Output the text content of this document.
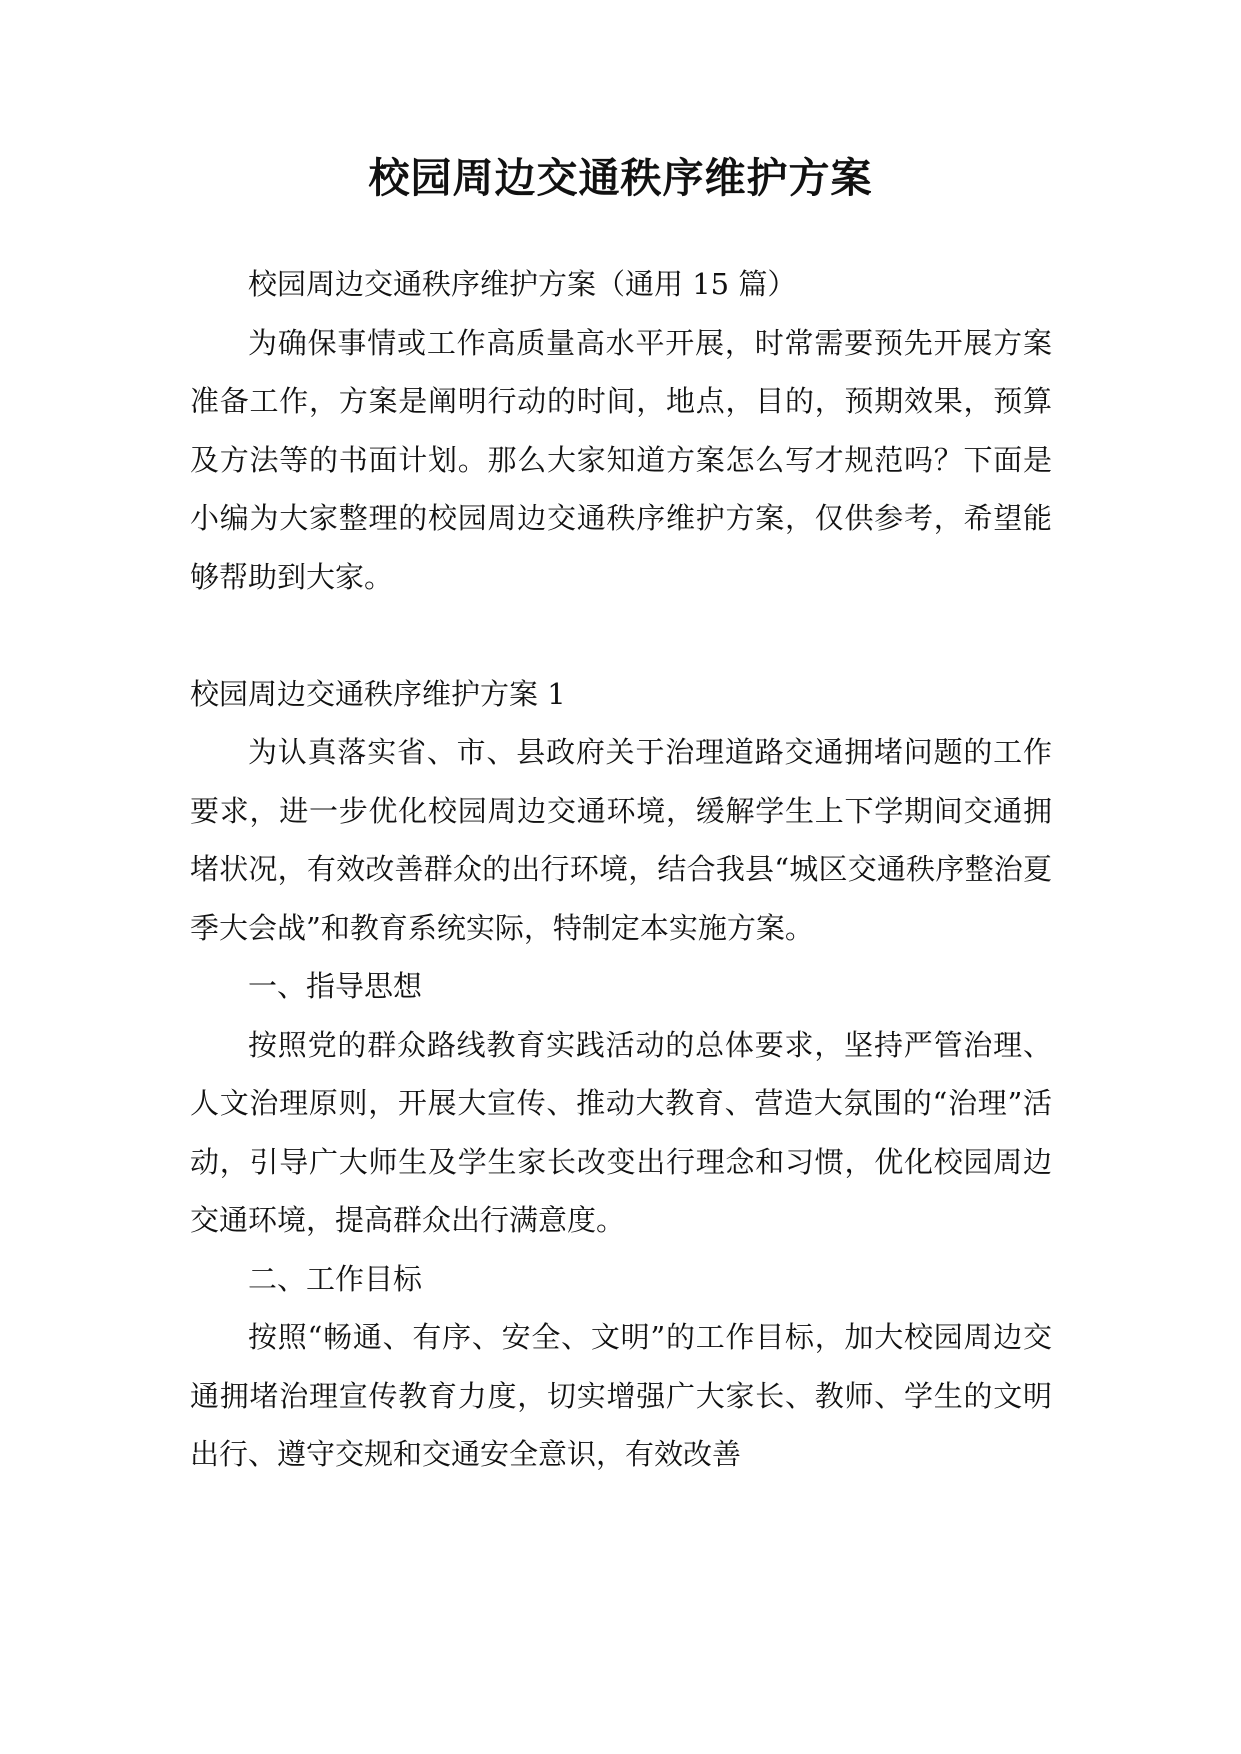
校园周边交通秩序维护方案

校园周边交通秩序维护方案（通用 15 篇）

为确保事情或工作高质量高水平开展，时常需要预先开展方案准备工作，方案是阐明行动的时间，地点，目的，预期效果，预算及方法等的书面计划。那么大家知道方案怎么写才规范吗？下面是小编为大家整理的校园周边交通秩序维护方案，仅供参考，希望能够帮助到大家。

校园周边交通秩序维护方案 1

为认真落实省、市、县政府关于治理道路交通拥堵问题的工作要求，进一步优化校园周边交通环境，缓解学生上下学期间交通拥堵状况，有效改善群众的出行环境，结合我县“城区交通秩序整治夏季大会战”和教育系统实际，特制定本实施方案。

一、指导思想

按照党的群众路线教育实践活动的总体要求，坚持严管治理、人文治理原则，开展大宣传、推动大教育、营造大氛围的“治理”活动，引导广大师生及学生家长改变出行理念和习惯，优化校园周边交通环境，提高群众出行满意度。

二、工作目标

按照“畅通、有序、安全、文明”的工作目标，加大校园周边交通拥堵治理宣传教育力度，切实增强广大家长、教师、学生的文明出行、遵守交规和交通安全意识，有效改善
